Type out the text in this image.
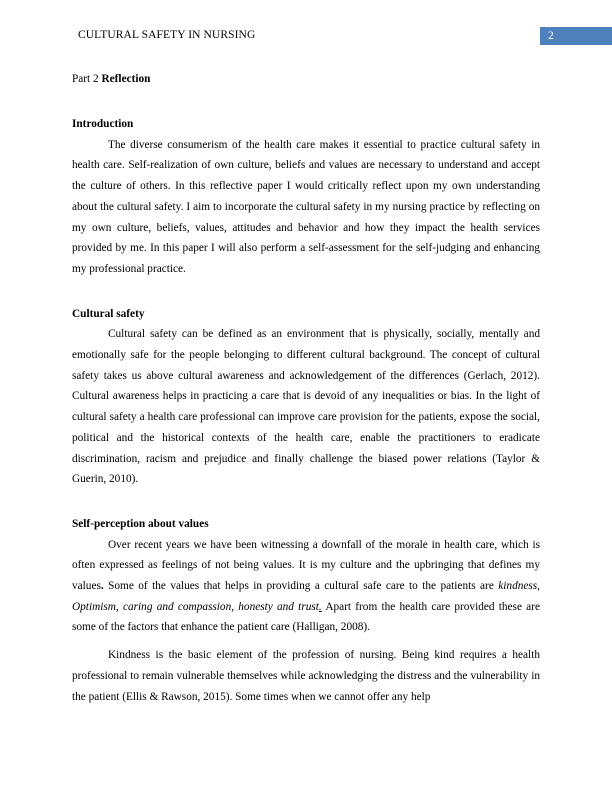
CULTURAL SAFETY IN NURSING	2

Part 2 Reflection

Introduction

The diverse consumerism of the health care makes it essential to practice cultural safety in health care. Self-realization of own culture, beliefs and values are necessary to understand and accept the culture of others. In this reflective paper I would critically reflect upon my own understanding about the cultural safety. I aim to incorporate the cultural safety in my nursing practice by reflecting on my own culture, beliefs, values, attitudes and behavior and how they impact the health services provided by me. In this paper I will also perform a self-assessment for the self-judging and enhancing my professional practice.

Cultural safety

Cultural safety can be defined as an environment that is physically, socially, mentally and emotionally safe for the people belonging to different cultural background. The concept of cultural safety takes us above cultural awareness and acknowledgement of the differences (Gerlach, 2012). Cultural awareness helps in practicing a care that is devoid of any inequalities or bias. In the light of cultural safety a health care professional can improve care provision for the patients, expose the social, political and the historical contexts of the health care, enable the practitioners to eradicate discrimination, racism and prejudice and finally challenge the biased power relations (Taylor & Guerin, 2010).

Self-perception about values

Over recent years we have been witnessing a downfall of the morale in health care, which is often expressed as feelings of not being values. It is my culture and the upbringing that defines my values. Some of the values that helps in providing a cultural safe care to the patients are kindness, Optimism, caring and compassion, honesty and trust. Apart from the health care provided these are some of the factors that enhance the patient care (Halligan, 2008).

Kindness is the basic element of the profession of nursing. Being kind requires a health professional to remain vulnerable themselves while acknowledging the distress and the vulnerability in the patient (Ellis & Rawson, 2015). Some times when we cannot offer any help
